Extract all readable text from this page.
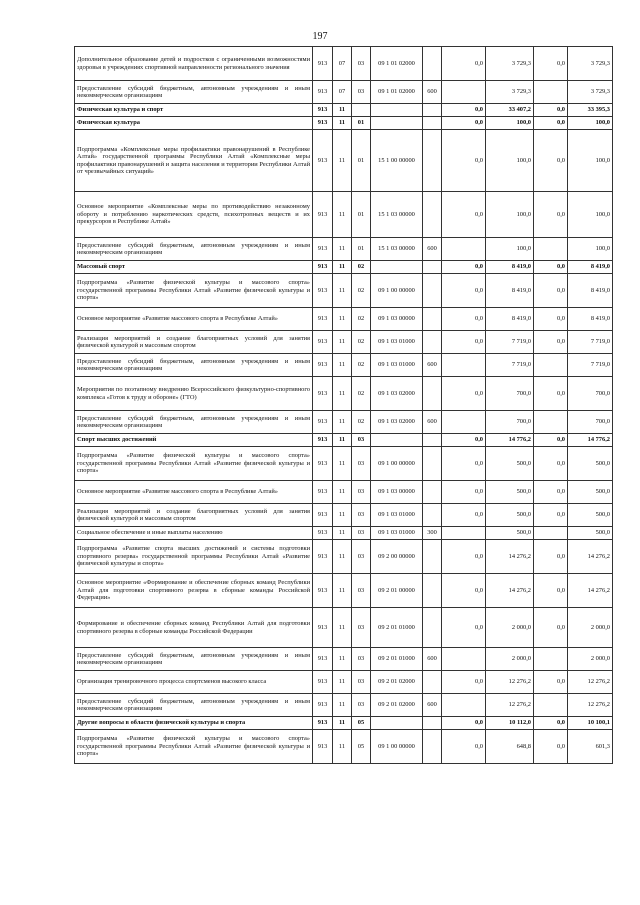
197
Дополнительное образование детей и подростков с ограниченными возможностями здоровья в учреждениях спортивной направленности регионального значения	913	07	03	09 1 01 02000		0,0	3 729,3	0,0	3 729,3
Предоставление субсидий бюджетным, автономным учреждениям и иным некоммерческим организациям	913	07	03	09 1 01 02000	600		3 729,3		3 729,3
Физическая культура и спорт	913	11				0,0	33 407,2	0,0	33 395,3
Физическая культура	913	11	01			0,0	100,0	0,0	100,0
Подпрограмма «Комплексные меры профилактики правонарушений в Республике Алтай» государственной программы Республики Алтай «Комплексные меры профилактики правонарушений и защита населения и территории Республики Алтай от чрезвычайных ситуаций»	913	11	01	15 1 00 00000		0,0	100,0	0,0	100,0
Основное мероприятие «Комплексные меры по противодействию незаконному обороту и потреблению наркотических средств, психотропных веществ и их прекурсоров в Республике Алтай»	913	11	01	15 1 03 00000		0,0	100,0	0,0	100,0
Предоставление субсидий бюджетным, автономным учреждениям и иным некоммерческим организациям	913	11	01	15 1 03 00000	600		100,0		100,0
Массовый спорт	913	11	02			0,0	8 419,0	0,0	8 419,0
Подпрограмма «Развитие физической культуры и массового спорта» государственной программы Республики Алтай «Развитие физической культуры и спорта»	913	11	02	09 1 00 00000		0,0	8 419,0	0,0	8 419,0
Основное мероприятие «Развитие массового спорта в Республике Алтай»	913	11	02	09 1 03 00000		0,0	8 419,0	0,0	8 419,0
Реализация мероприятий и создание благоприятных условий для занятия физической культурой и массовым спортом	913	11	02	09 1 03 01000		0,0	7 719,0	0,0	7 719,0
Предоставление субсидий бюджетным, автономным учреждениям и иным некоммерческим организациям	913	11	02	09 1 03 01000	600		7 719,0		7 719,0
Мероприятия по поэтапному внедрению Всероссийского физкультурно-спортивного комплекса «Готов к труду и обороне» (ГТО)	913	11	02	09 1 03 02000		0,0	700,0	0,0	700,0
Предоставление субсидий бюджетным, автономным учреждениям и иным некоммерческим организациям	913	11	02	09 1 03 02000	600		700,0		700,0
Спорт высших достижений	913	11	03			0,0	14 776,2	0,0	14 776,2
Подпрограмма «Развитие физической культуры и массового спорта» государственной программы Республики Алтай «Развитие физической культуры и спорта»	913	11	03	09 1 00 00000		0,0	500,0	0,0	500,0
Основное мероприятие «Развитие массового спорта в Республике Алтай»	913	11	03	09 1 03 00000		0,0	500,0	0,0	500,0
Реализация мероприятий и создание благоприятных условий для занятия физической культурой и массовым спортом	913	11	03	09 1 03 01000		0,0	500,0	0,0	500,0
Социальное обеспечение и иные выплаты населению	913	11	03	09 1 03 01000	300		500,0		500,0
Подпрограмма «Развитие спорта высших достижений и системы подготовки спортивного резерва» государственной программы Республики Алтай «Развитие физической культуры и спорта»	913	11	03	09 2 00 00000		0,0	14 276,2	0,0	14 276,2
Основное мероприятие «Формирование и обеспечение сборных команд Республики Алтай для подготовки спортивного резерва в сборные команды Российской Федерации»	913	11	03	09 2 01 00000		0,0	14 276,2	0,0	14 276,2
Формирование и обеспечение сборных команд Республики Алтай для подготовки спортивного резерва в сборные команды Российской Федерации	913	11	03	09 2 01 01000		0,0	2 000,0	0,0	2 000,0
Предоставление субсидий бюджетным, автономным учреждениям и иным некоммерческим организациям	913	11	03	09 2 01 01000	600		2 000,0		2 000,0
Организация тренировочного процесса спортсменов высокого класса	913	11	03	09 2 01 02000		0,0	12 276,2	0,0	12 276,2
Предоставление субсидий бюджетным, автономным учреждениям и иным некоммерческим организациям	913	11	03	09 2 01 02000	600		12 276,2		12 276,2
Другие вопросы в области физической культуры и спорта	913	11	05			0,0	10 112,0	0,0	10 100,1
Подпрограмма «Развитие физической культуры и массового спорта» государственной программы Республики Алтай «Развитие физической культуры и спорта»	913	11	05	09 1 00 00000		0,0	648,8	0,0	601,3
